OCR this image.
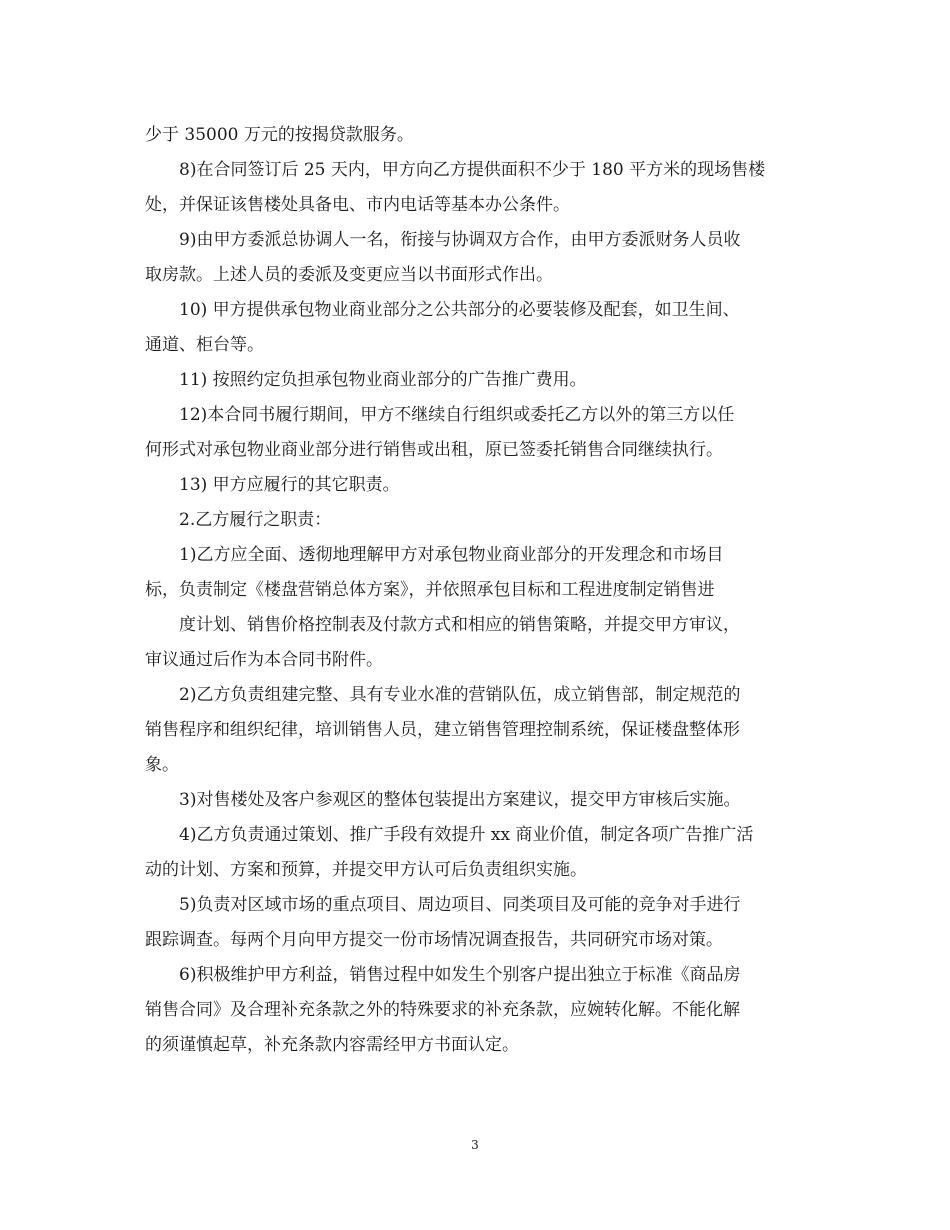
少于 35000 万元的按揭贷款服务。
8)在合同签订后 25 天内，甲方向乙方提供面积不少于 180 平方米的现场售楼
处，并保证该售楼处具备电、市内电话等基本办公条件。
9)由甲方委派总协调人一名，衔接与协调双方合作，由甲方委派财务人员收
取房款。上述人员的委派及变更应当以书面形式作出。
10) 甲方提供承包物业商业部分之公共部分的必要装修及配套，如卫生间、
通道、柜台等。
11) 按照约定负担承包物业商业部分的广告推广费用。
12)本合同书履行期间，甲方不继续自行组织或委托乙方以外的第三方以任
何形式对承包物业商业部分进行销售或出租，原已签委托销售合同继续执行。
13) 甲方应履行的其它职责。
2.乙方履行之职责：
1)乙方应全面、透彻地理解甲方对承包物业商业部分的开发理念和市场目
标，负责制定《楼盘营销总体方案》，并依照承包目标和工程进度制定销售进
度计划、销售价格控制表及付款方式和相应的销售策略，并提交甲方审议，
审议通过后作为本合同书附件。
2)乙方负责组建完整、具有专业水准的营销队伍，成立销售部，制定规范的
销售程序和组织纪律，培训销售人员，建立销售管理控制系统，保证楼盘整体形
象。
3)对售楼处及客户参观区的整体包装提出方案建议，提交甲方审核后实施。
4)乙方负责通过策划、推广手段有效提升 xx 商业价值，制定各项广告推广活
动的计划、方案和预算，并提交甲方认可后负责组织实施。
5)负责对区域市场的重点项目、周边项目、同类项目及可能的竞争对手进行
跟踪调查。每两个月向甲方提交一份市场情况调查报告，共同研究市场对策。
6)积极维护甲方利益，销售过程中如发生个别客户提出独立于标准《商品房
销售合同》及合理补充条款之外的特殊要求的补充条款，应婉转化解。不能化解
的须谨慎起草，补充条款内容需经甲方书面认定。
3
